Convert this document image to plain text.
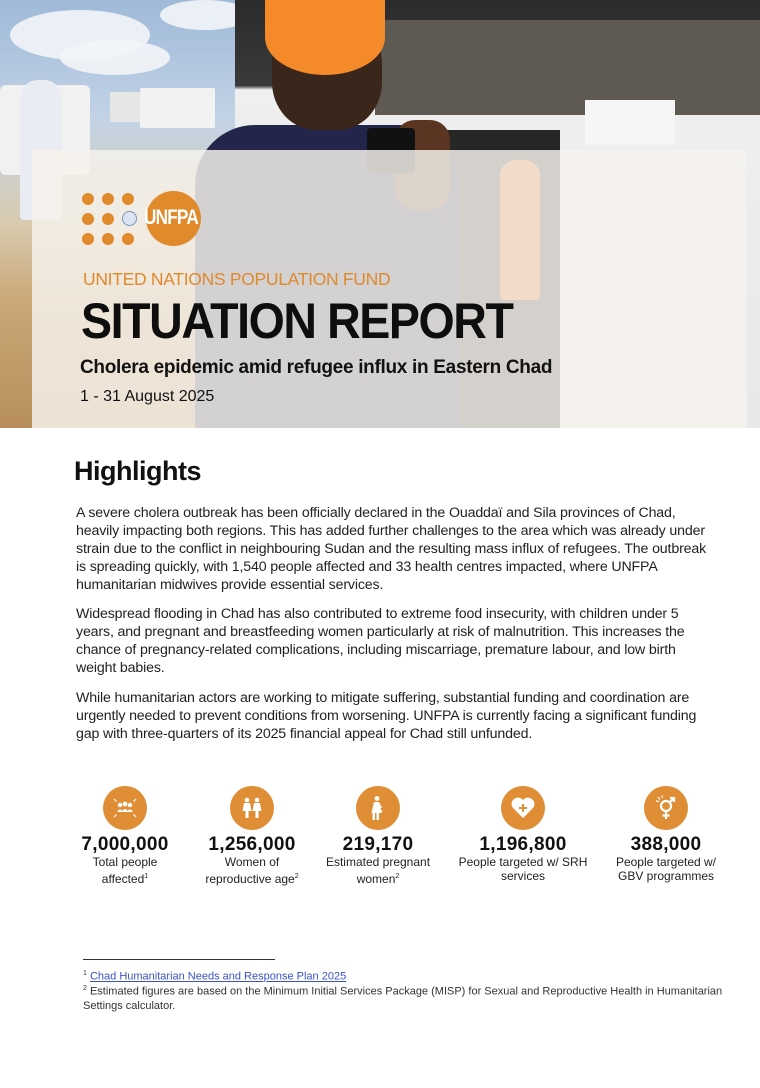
UNFPA
UNITED NATIONS POPULATION FUND
SITUATION REPORT
Cholera epidemic amid refugee influx in Eastern Chad
1 - 31 August 2025
Highlights

A severe cholera outbreak has been officially declared in the Ouaddaï and Sila provinces of Chad, heavily impacting both regions. This has added further challenges to the area which was already under strain due to the conflict in neighbouring Sudan and the resulting mass influx of refugees. The outbreak is spreading quickly, with 1,540 people affected and 33 health centres impacted, where UNFPA humanitarian midwives provide essential services.

Widespread flooding in Chad has also contributed to extreme food insecurity, with children under 5 years, and pregnant and breastfeeding women particularly at risk of malnutrition. This increases the chance of pregnancy-related complications, including miscarriage, premature labour, and low birth weight babies.

While humanitarian actors are working to mitigate suffering, substantial funding and coordination are urgently needed to prevent conditions from worsening. UNFPA is currently facing a significant funding gap with three-quarters of its 2025 financial appeal for Chad still unfunded.

7,000,000
Total people
affected$^1$
1,256,000
Women of
reproductive age$^2$
219,170
Estimated pregnant
women$^2$
1,196,800
People targeted w/ SRH
services
388,000
People targeted w/
GBV programmes
$^1$ Chad Humanitarian Needs and Response Plan 2025
$^2$ Estimated figures are based on the Minimum Initial Services Package (MISP) for Sexual and Reproductive Health in Humanitarian Settings calculator.
